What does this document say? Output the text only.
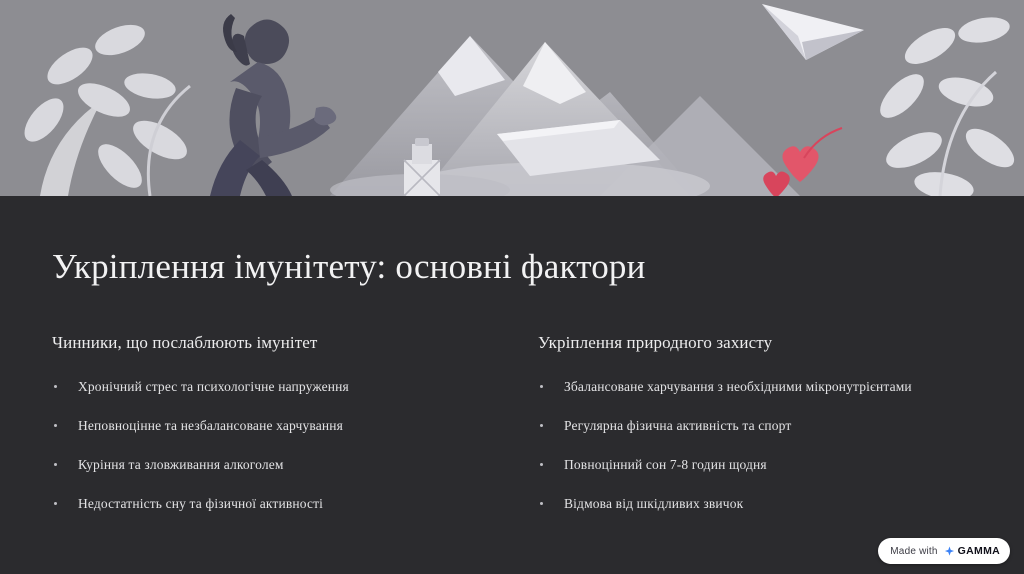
Укріплення імунітету: основні фактори
Чинники, що послаблюють імунітет
Хронічний стрес та психологічне напруження
Неповноцінне та незбалансоване харчування
Куріння та зловживання алкоголем
Недостатність сну та фізичної активності
Укріплення природного захисту
Збалансоване харчування з необхідними мікронутрієнтами
Регулярна фізична активність та спорт
Повноцінний сон 7-8 годин щодня
Відмова від шкідливих звичок
Made with GAMMA
